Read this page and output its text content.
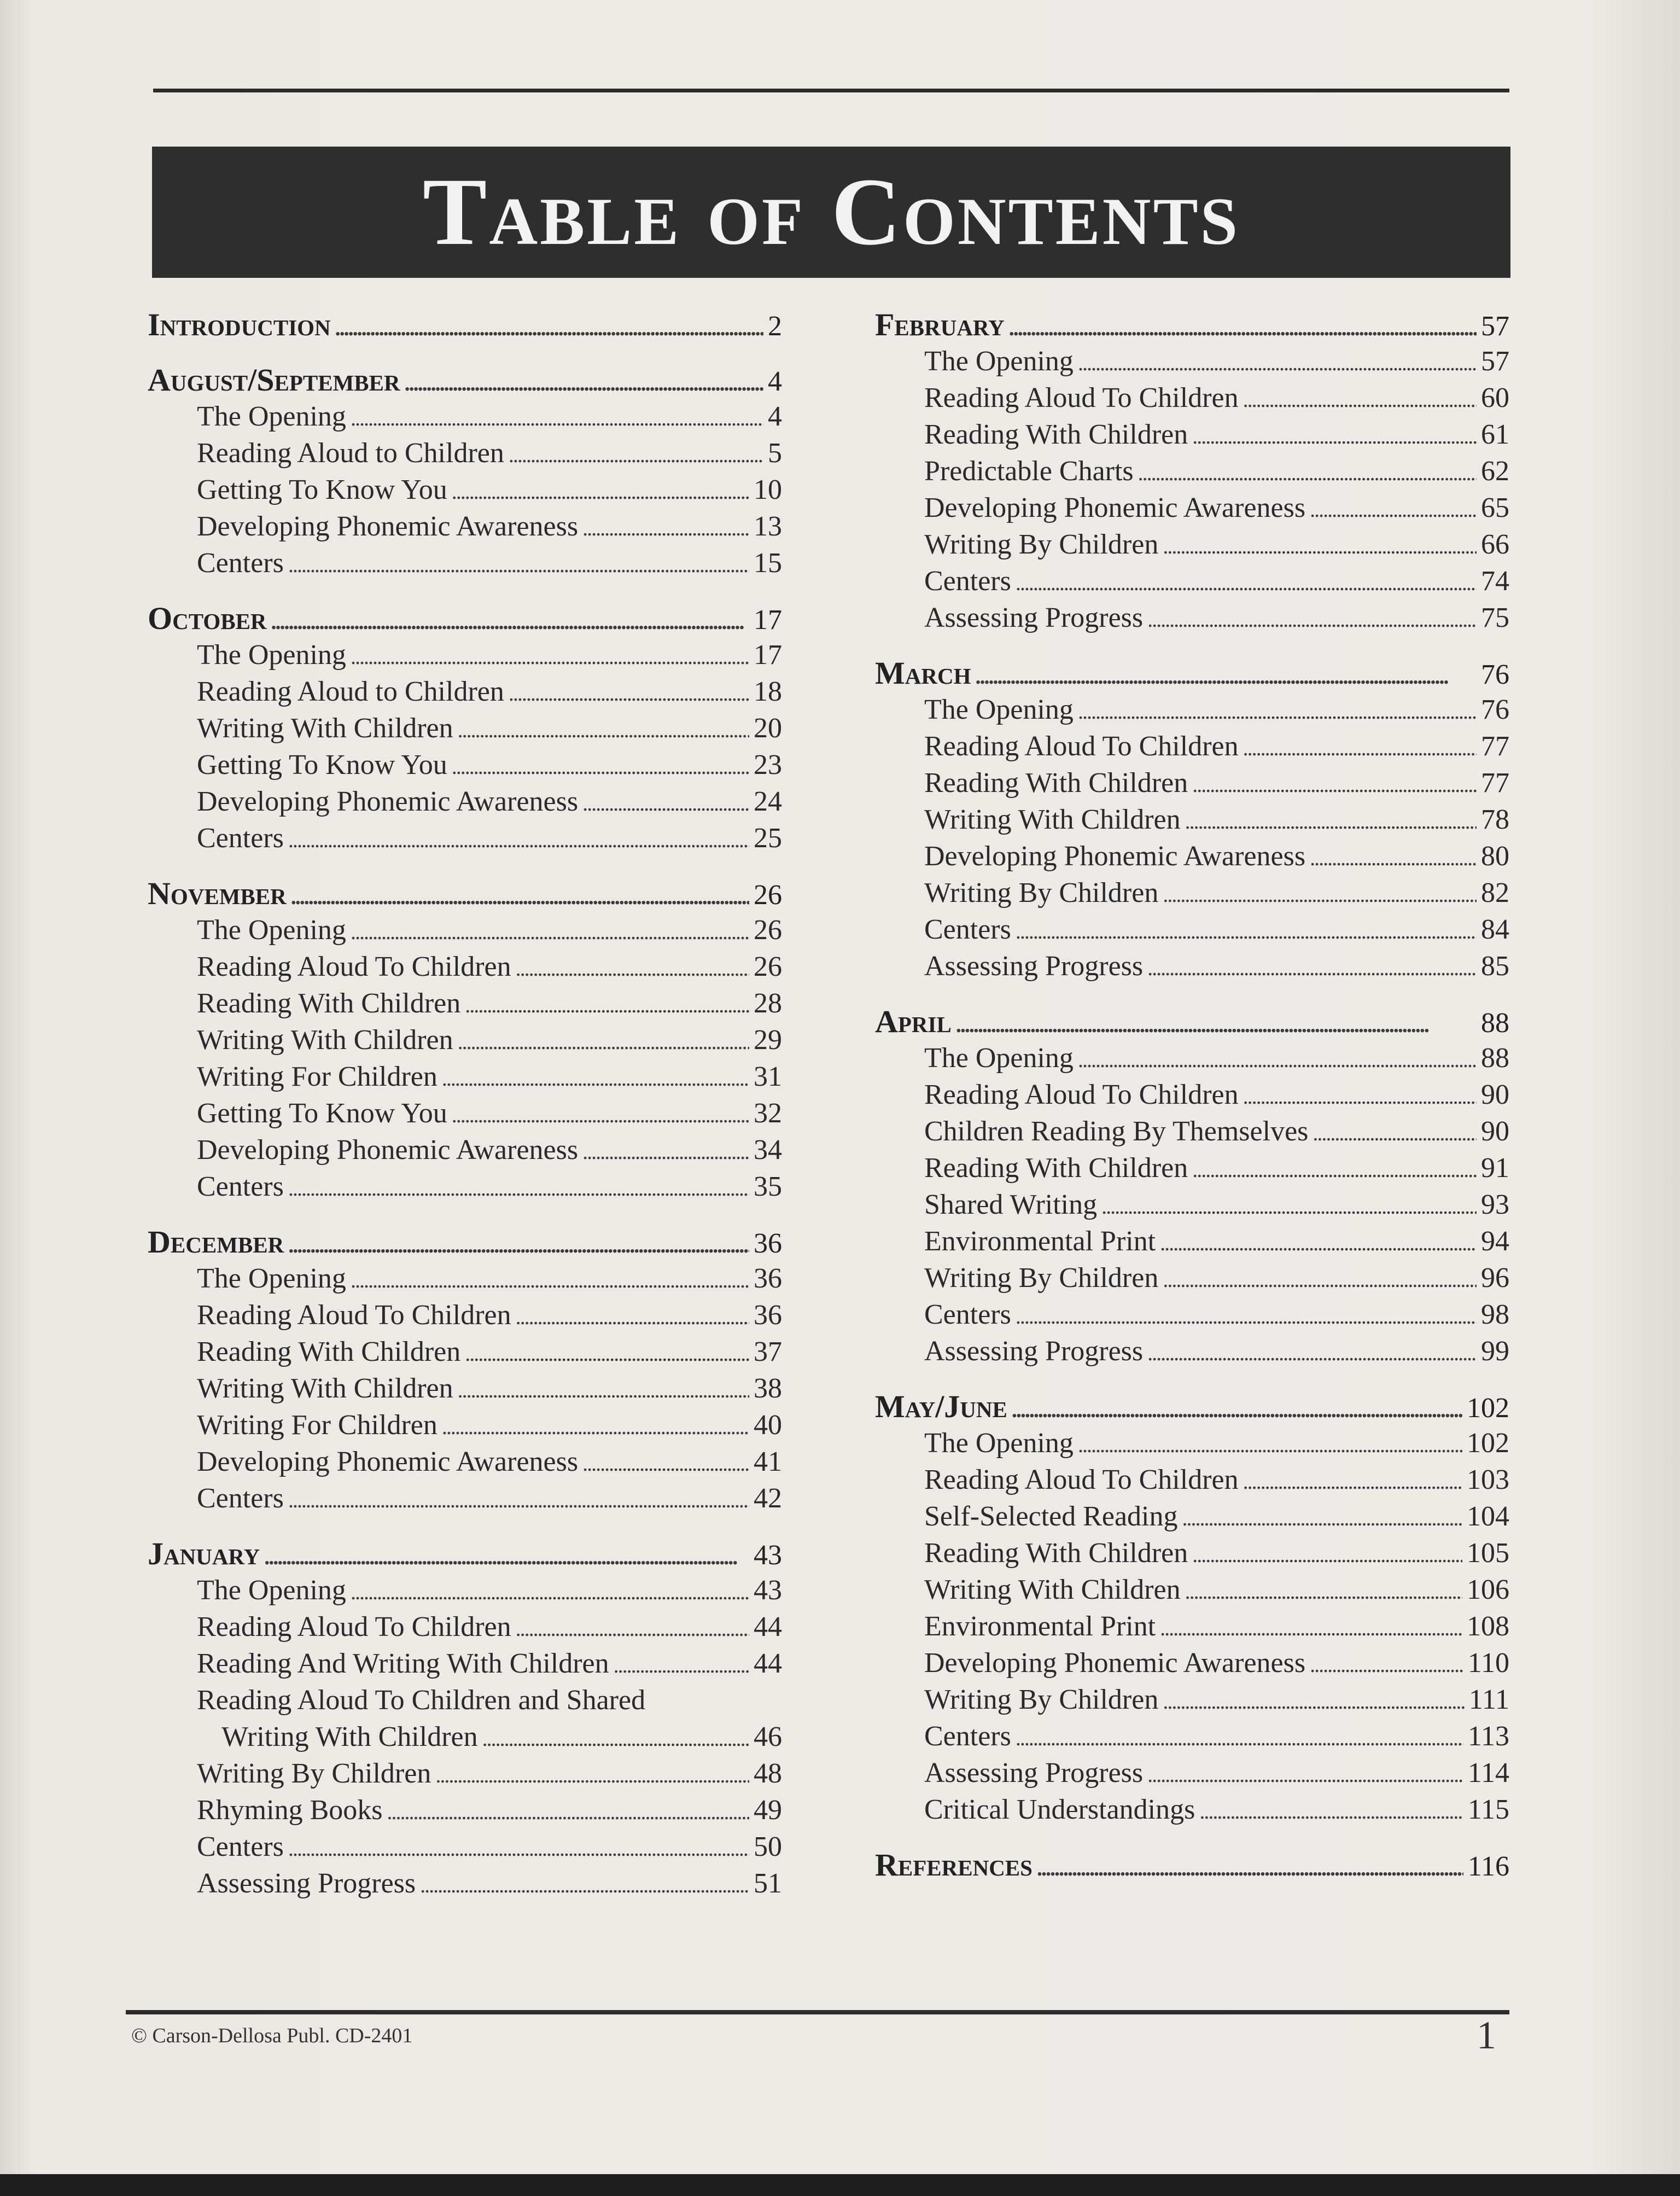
Table of Contents
Introduction . . .	2
August/September . . .	4
The Opening . . .	4
Reading Aloud to Children . . .	5
Getting To Know You . . .	10
Developing Phonemic Awareness . . .	13
Centers . . .	15
October . . .	17
The Opening . . .	17
Reading Aloud to Children . . .	18
Writing With Children . . .	20
Getting To Know You . . .	23
Developing Phonemic Awareness . . .	24
Centers . . .	25
November . . .	26
The Opening . . .	26
Reading Aloud To Children . . .	26
Reading With Children . . .	28
Writing With Children . . .	29
Writing For Children . . .	31
Getting To Know You . . .	32
Developing Phonemic Awareness . . .	34
Centers . . .	35
December . . .	36
The Opening . . .	36
Reading Aloud To Children . . .	36
Reading With Children . . .	37
Writing With Children . . .	38
Writing For Children . . .	40
Developing Phonemic Awareness . . .	41
Centers . . .	42
January . . .	43
The Opening . . .	43
Reading Aloud To Children . . .	44
Reading And Writing With Children . . .	44
Reading Aloud To Children and Shared
Writing With Children . . .	46
Writing By Children . . .	48
Rhyming Books . . .	49
Centers . . .	50
Assessing Progress . . .	51
February . . .	57
The Opening . . .	57
Reading Aloud To Children . . .	60
Reading With Children . . .	61
Predictable Charts . . .	62
Developing Phonemic Awareness . . .	65
Writing By Children . . .	66
Centers . . .	74
Assessing Progress . . .	75
March . . .	76
The Opening . . .	76
Reading Aloud To Children . . .	77
Reading With Children . . .	77
Writing With Children . . .	78
Developing Phonemic Awareness . . .	80
Writing By Children . . .	82
Centers . . .	84
Assessing Progress . . .	85
April . . .	88
The Opening . . .	88
Reading Aloud To Children . . .	90
Children Reading By Themselves . . .	90
Reading With Children . . .	91
Shared Writing . . .	93
Environmental Print . . .	94
Writing By Children . . .	96
Centers . . .	98
Assessing Progress . . .	99
May/June . . .	102
The Opening . . .	102
Reading Aloud To Children . . .	103
Self-Selected Reading . . .	104
Reading With Children . . .	105
Writing With Children . . .	106
Environmental Print . . .	108
Developing Phonemic Awareness . . .	110
Writing By Children . . .	111
Centers . . .	113
Assessing Progress . . .	114
Critical Understandings . . .	115
References . . .	116
© Carson-Dellosa Publ. CD-2401	1
